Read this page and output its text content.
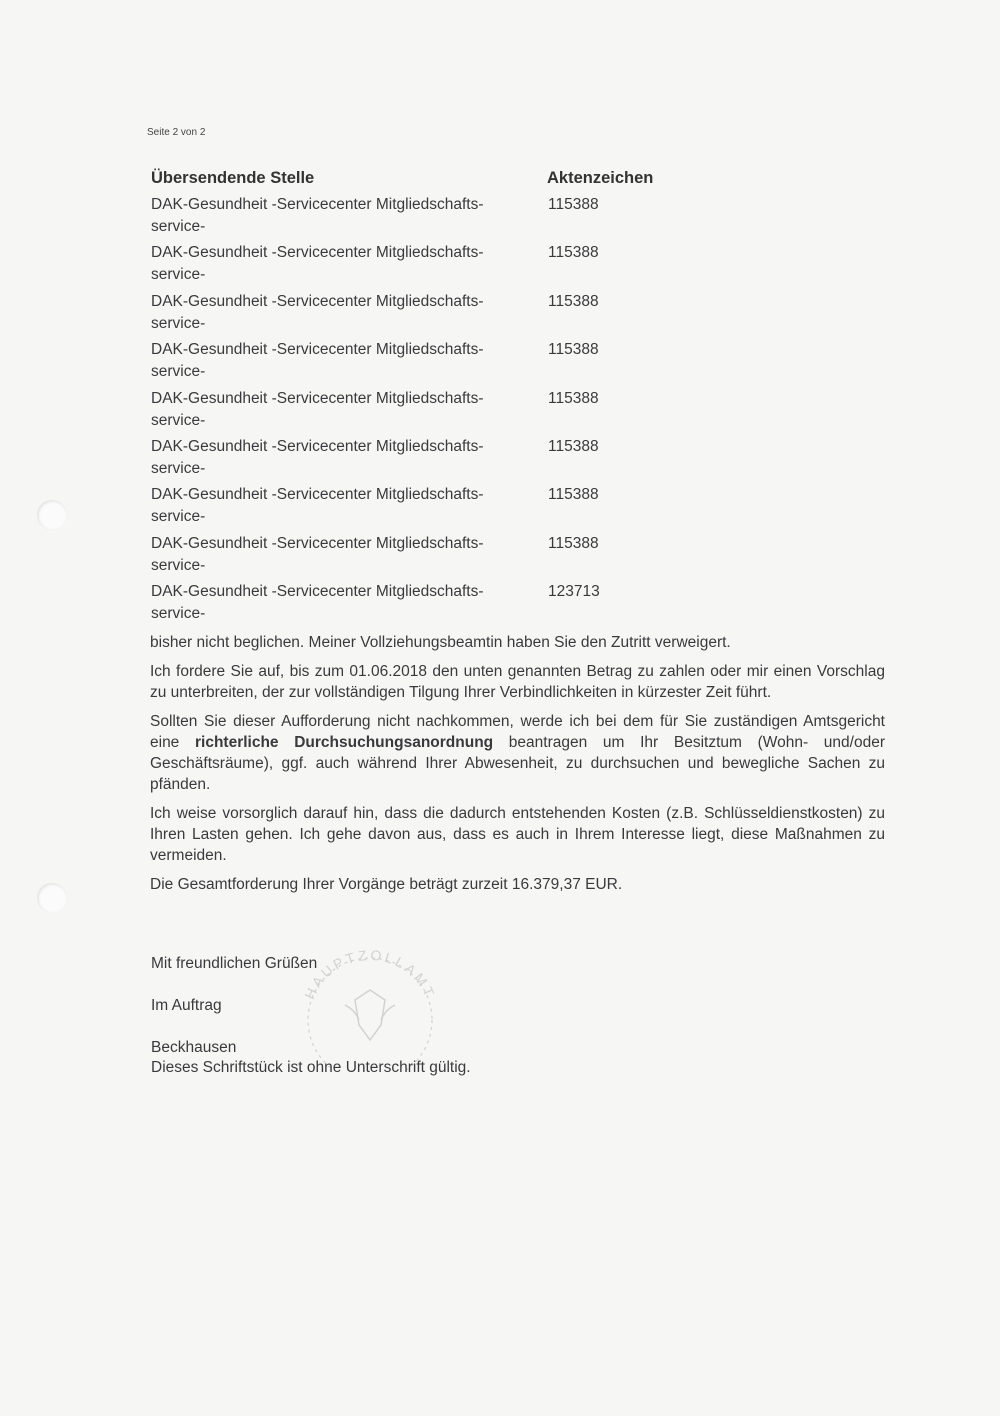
Seite 2 von 2
Übersendende Stelle	Aktenzeichen
DAK-Gesundheit -Servicecenter Mitgliedschafts-
service-
115388
DAK-Gesundheit -Servicecenter Mitgliedschafts-
service-
115388
DAK-Gesundheit -Servicecenter Mitgliedschafts-
service-
115388
DAK-Gesundheit -Servicecenter Mitgliedschafts-
service-
115388
DAK-Gesundheit -Servicecenter Mitgliedschafts-
service-
115388
DAK-Gesundheit -Servicecenter Mitgliedschafts-
service-
115388
DAK-Gesundheit -Servicecenter Mitgliedschafts-
service-
115388
DAK-Gesundheit -Servicecenter Mitgliedschafts-
service-
115388
DAK-Gesundheit -Servicecenter Mitgliedschafts-
service-
123713

bisher nicht beglichen. Meiner Vollziehungsbeamtin haben Sie den Zutritt verweigert.

Ich fordere Sie auf, bis zum 01.06.2018 den unten genannten Betrag zu zahlen oder mir einen Vorschlag zu unterbreiten, der zur vollständigen Tilgung Ihrer Verbindlichkeiten in kürzester Zeit führt.

Sollten Sie dieser Aufforderung nicht nachkommen, werde ich bei dem für Sie zuständigen Amtsgericht eine richterliche Durchsuchungsanordnung beantragen um Ihr Besitztum (Wohn- und/oder Geschäftsräume), ggf. auch während Ihrer Abwesenheit, zu durchsuchen und bewegliche Sachen zu pfänden.

Ich weise vorsorglich darauf hin, dass die dadurch entstehenden Kosten (z.B. Schlüsseldienstkosten) zu Ihren Lasten gehen. Ich gehe davon aus, dass es auch in Ihrem Interesse liegt, diese Maßnahmen zu vermeiden.

Die Gesamtforderung Ihrer Vorgänge beträgt zurzeit 16.379,37 EUR.

HAUPTZOLLAMT
Mit freundlichen Grüßen
Im Auftrag
Beckhausen
Dieses Schriftstück ist ohne Unterschrift gültig.
